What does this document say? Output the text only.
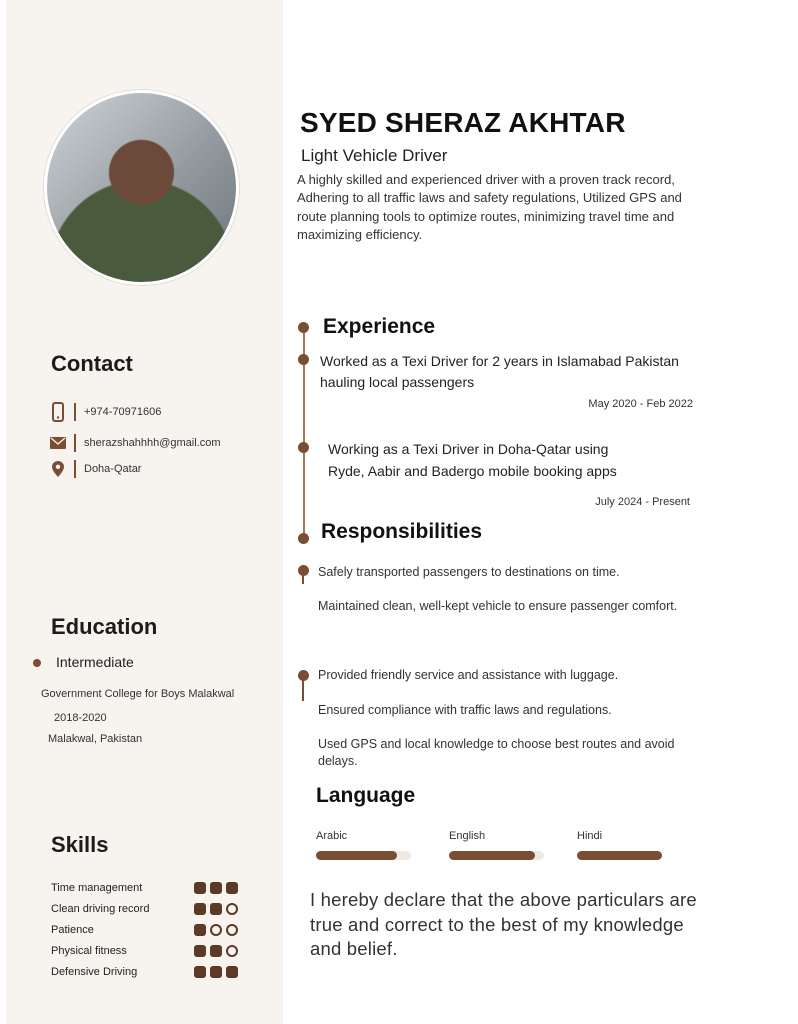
Contact
+974-70971606
sherazshahhhh@gmail.com
Doha-Qatar
Education
Intermediate
Government College for Boys Malakwal
2018-2020
Malakwal, Pakistan
Skills
Time management
Clean driving record
Patience
Physical fitness
Defensive Driving
SYED SHERAZ AKHTAR
Light Vehicle Driver
A highly skilled and experienced driver with a proven track record, Adhering to all traffic laws and safety regulations, Utilized GPS and route planning tools to optimize routes, minimizing travel time and maximizing efficiency.
Experience
Worked as a Texi Driver for 2 years in Islamabad Pakistan hauling local passengers
May 2020 - Feb 2022
Working as a Texi Driver in Doha-Qatar using Ryde, Aabir and Badergo mobile booking apps
July 2024 - Present
Responsibilities
Safely transported passengers to destinations on time.
Maintained clean, well-kept vehicle to ensure passenger comfort.
Provided friendly service and assistance with luggage.
Ensured compliance with traffic laws and regulations.
Used GPS and local knowledge to choose best routes and avoid delays.
Language
Arabic	English	Hindi
I hereby declare that the above particulars are true and correct to the best of my knowledge and belief.
